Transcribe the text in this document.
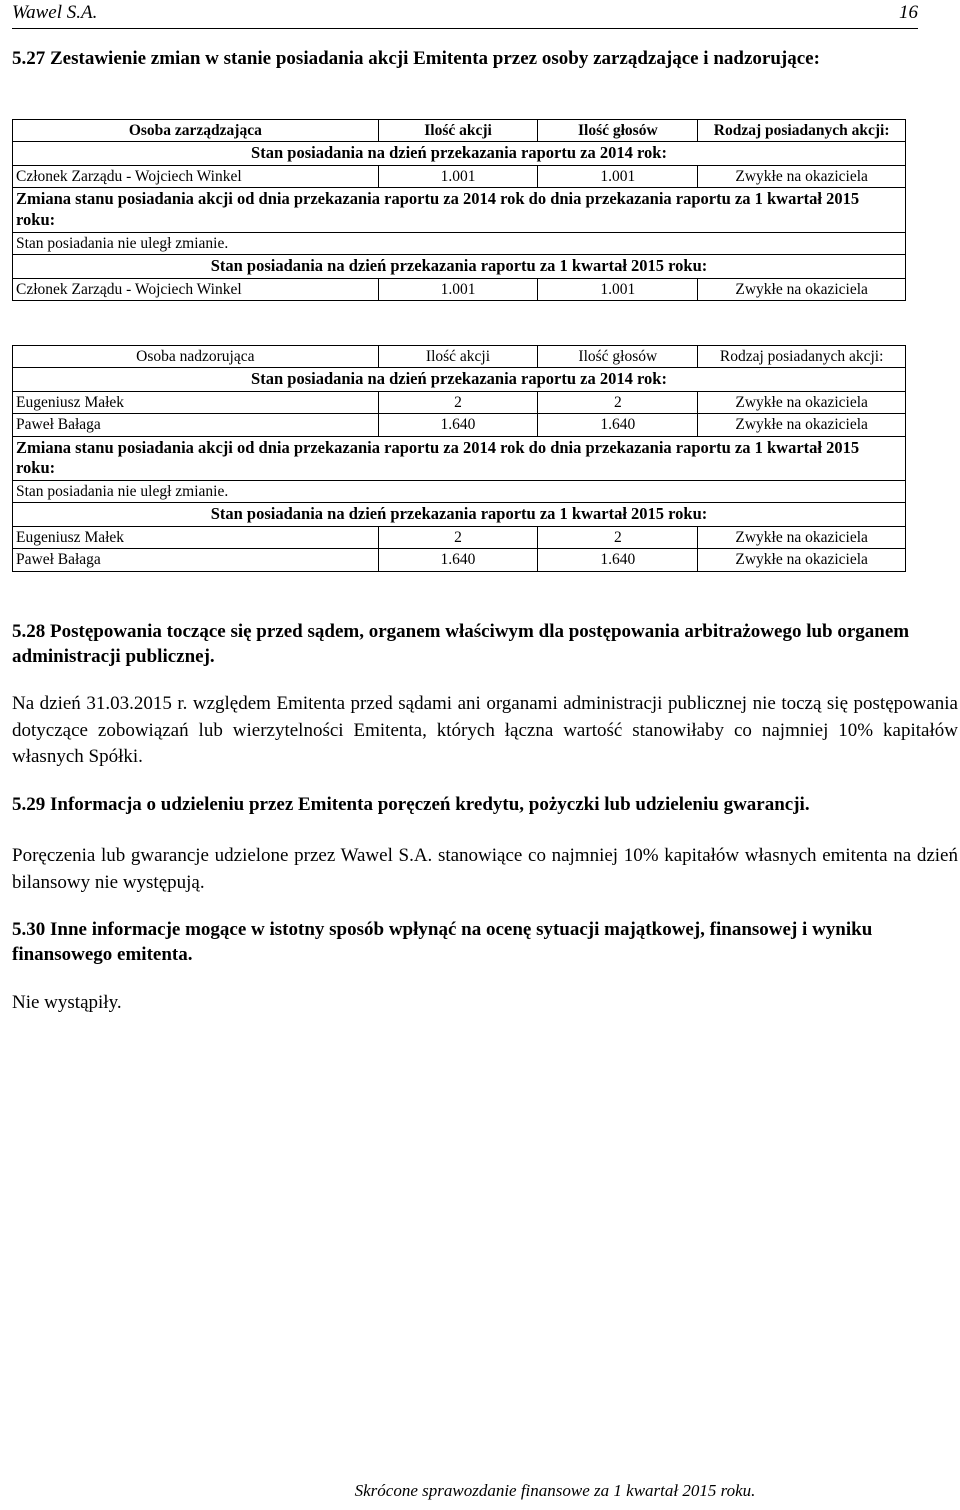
Wawel S.A.	16
5.27 Zestawienie zmian w stanie posiadania akcji Emitenta przez osoby zarządzające i nadzorujące:
Osoba zarządzająca	Ilość akcji	Ilość głosów	Rodzaj posiadanych akcji:
Stan posiadania na dzień przekazania raportu za 2014 rok:			
Członek Zarządu - Wojciech Winkel	1.001	1.001	Zwykłe na okaziciela
Zmiana stanu posiadania akcji od dnia przekazania raportu za 2014 rok do dnia przekazania raportu za 1 kwartał 2015 roku:			
Stan posiadania nie uległ zmianie.			
Stan posiadania na dzień przekazania raportu za 1 kwartał 2015 roku:			
Członek Zarządu - Wojciech Winkel	1.001	1.001	Zwykłe na okaziciela
Osoba nadzorująca	Ilość akcji	Ilość głosów	Rodzaj posiadanych akcji:
Stan posiadania na dzień przekazania raportu za 2014 rok:			
Eugeniusz Małek	2	2	Zwykłe na okaziciela
Paweł Bałaga	1.640	1.640	Zwykłe na okaziciela
Zmiana stanu posiadania akcji od dnia przekazania raportu za 2014 rok do dnia przekazania raportu za 1 kwartał 2015 roku:			
Stan posiadania nie uległ zmianie.			
Stan posiadania na dzień przekazania raportu za 1 kwartał 2015 roku:			
Eugeniusz Małek	2	2	Zwykłe na okaziciela
Paweł Bałaga	1.640	1.640	Zwykłe na okaziciela
5.28 Postępowania toczące się przed sądem, organem właściwym dla postępowania arbitrażowego lub organem administracji publicznej.
Na dzień 31.03.2015 r. względem Emitenta przed sądami ani organami administracji publicznej nie toczą się postępowania dotyczące zobowiązań lub wierzytelności Emitenta, których łączna wartość stanowiłaby co najmniej 10% kapitałów własnych Spółki.
5.29 Informacja o udzieleniu przez Emitenta poręczeń kredytu, pożyczki lub udzieleniu gwarancji.
Poręczenia lub gwarancje udzielone przez Wawel S.A. stanowiące co najmniej 10% kapitałów własnych emitenta na dzień bilansowy nie występują.
5.30 Inne informacje mogące w istotny sposób wpłynąć na ocenę sytuacji majątkowej, finansowej i wyniku finansowego emitenta.
Nie wystąpiły.
Skrócone sprawozdanie finansowe za 1 kwartał 2015 roku.
